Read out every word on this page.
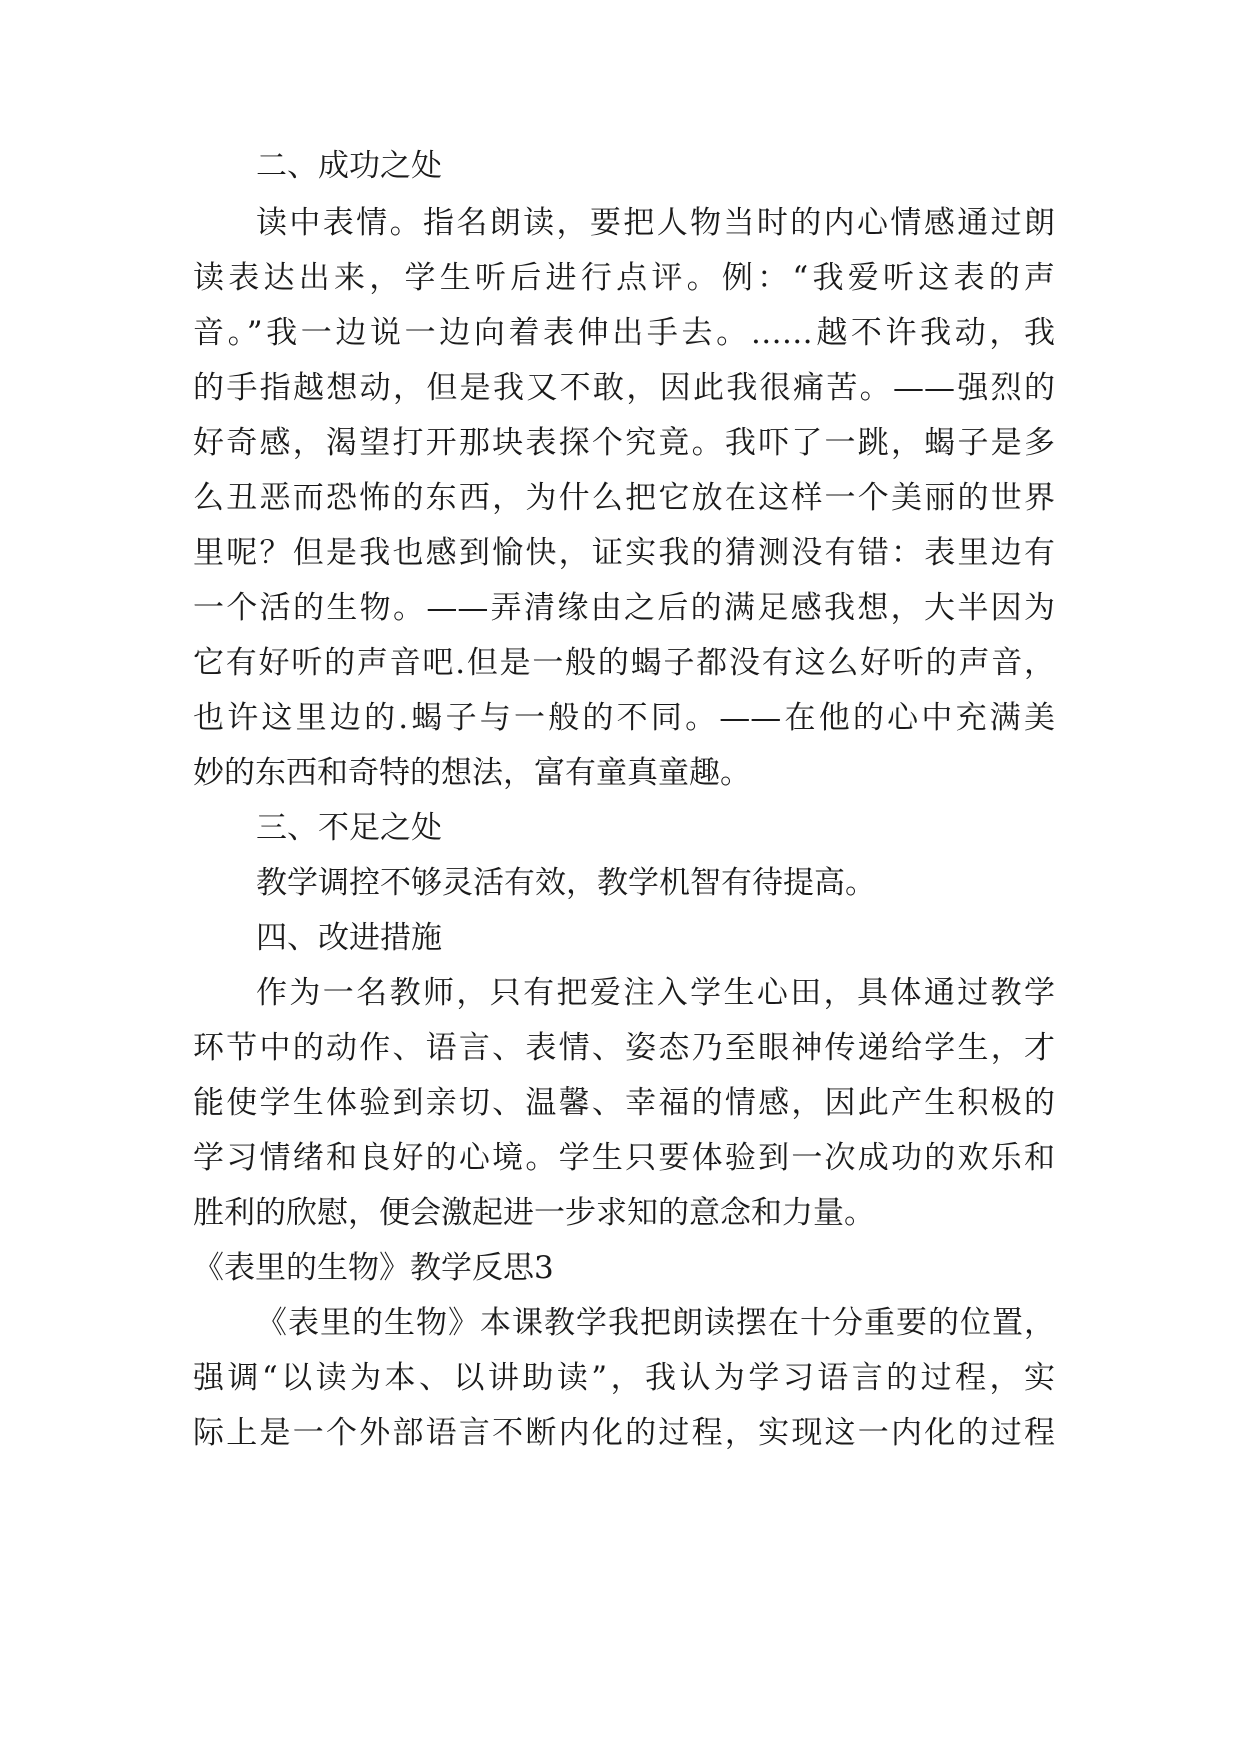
二、成功之处
读中表情。指名朗读，要把人物当时的内心情感通过朗
读表达出来，学生听后进行点评。例：“我爱听这表的声
音。”我一边说一边向着表伸出手去。……越不许我动，我
的手指越想动，但是我又不敢，因此我很痛苦。——强烈的
好奇感，渴望打开那块表探个究竟。我吓了一跳，蝎子是多
么丑恶而恐怖的东西，为什么把它放在这样一个美丽的世界
里呢？但是我也感到愉快，证实我的猜测没有错：表里边有
一个活的生物。——弄清缘由之后的满足感我想，大半因为
它有好听的声音吧.但是一般的蝎子都没有这么好听的声音，
也许这里边的.蝎子与一般的不同。——在他的心中充满美
妙的东西和奇特的想法，富有童真童趣。
三、不足之处
教学调控不够灵活有效，教学机智有待提高。
四、改进措施
作为一名教师，只有把爱注入学生心田，具体通过教学
环节中的动作、语言、表情、姿态乃至眼神传递给学生，才
能使学生体验到亲切、温馨、幸福的情感，因此产生积极的
学习情绪和良好的心境。学生只要体验到一次成功的欢乐和
胜利的欣慰，便会激起进一步求知的意念和力量。
《表里的生物》教学反思3
《表里的生物》本课教学我把朗读摆在十分重要的位置，
强调“以读为本、以讲助读”，我认为学习语言的过程，实
际上是一个外部语言不断内化的过程，实现这一内化的过程
